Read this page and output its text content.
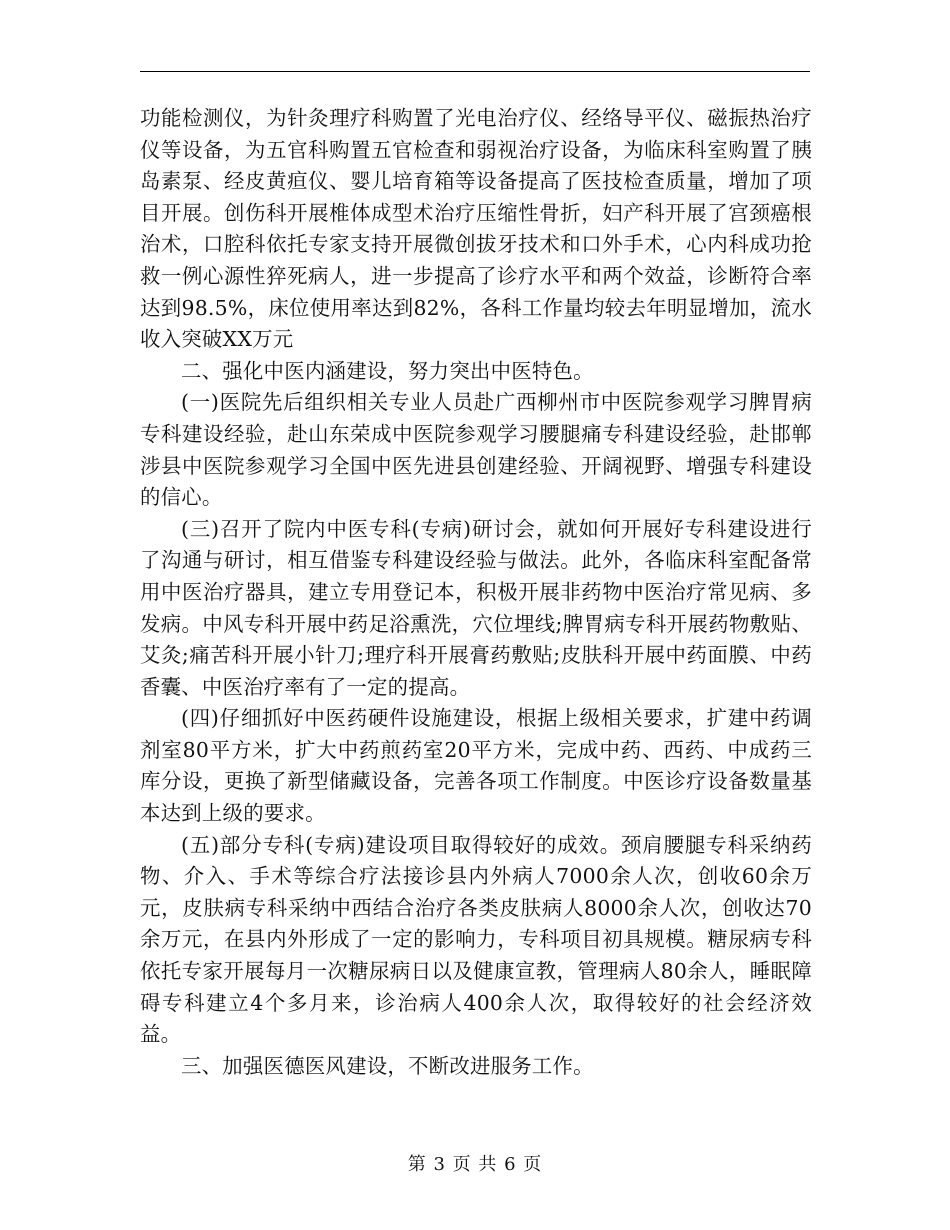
功能检测仪，为针灸理疗科购置了光电治疗仪、经络导平仪、磁振热治疗仪等设备，为五官科购置五官检查和弱视治疗设备，为临床科室购置了胰岛素泵、经皮黄疸仪、婴儿培育箱等设备提高了医技检查质量，增加了项目开展。创伤科开展椎体成型术治疗压缩性骨折，妇产科开展了宫颈癌根治术，口腔科依托专家支持开展微创拔牙技术和口外手术，心内科成功抢救一例心源性猝死病人，进一步提高了诊疗水平和两个效益，诊断符合率达到98.5%，床位使用率达到82%，各科工作量均较去年明显增加，流水收入突破XX万元

二、强化中医内涵建设，努力突出中医特色。

(一)医院先后组织相关专业人员赴广西柳州市中医院参观学习脾胃病专科建设经验，赴山东荣成中医院参观学习腰腿痛专科建设经验，赴邯郸涉县中医院参观学习全国中医先进县创建经验、开阔视野、增强专科建设的信心。

(三)召开了院内中医专科(专病)研讨会，就如何开展好专科建设进行了沟通与研讨，相互借鉴专科建设经验与做法。此外，各临床科室配备常用中医治疗器具，建立专用登记本，积极开展非药物中医治疗常见病、多发病。中风专科开展中药足浴熏洗，穴位埋线;脾胃病专科开展药物敷贴、艾灸;痛苦科开展小针刀;理疗科开展膏药敷贴;皮肤科开展中药面膜、中药香囊、中医治疗率有了一定的提高。

(四)仔细抓好中医药硬件设施建设，根据上级相关要求，扩建中药调剂室80平方米，扩大中药煎药室20平方米，完成中药、西药、中成药三库分设，更换了新型储藏设备，完善各项工作制度。中医诊疗设备数量基本达到上级的要求。

(五)部分专科(专病)建设项目取得较好的成效。颈肩腰腿专科采纳药物、介入、手术等综合疗法接诊县内外病人7000余人次，创收60余万元，皮肤病专科采纳中西结合治疗各类皮肤病人8000余人次，创收达70余万元，在县内外形成了一定的影响力，专科项目初具规模。糖尿病专科依托专家开展每月一次糖尿病日以及健康宣教，管理病人80余人，睡眠障碍专科建立4个多月来，诊治病人400余人次，取得较好的社会经济效益。

三、加强医德医风建设，不断改进服务工作。

第 3 页 共 6 页
